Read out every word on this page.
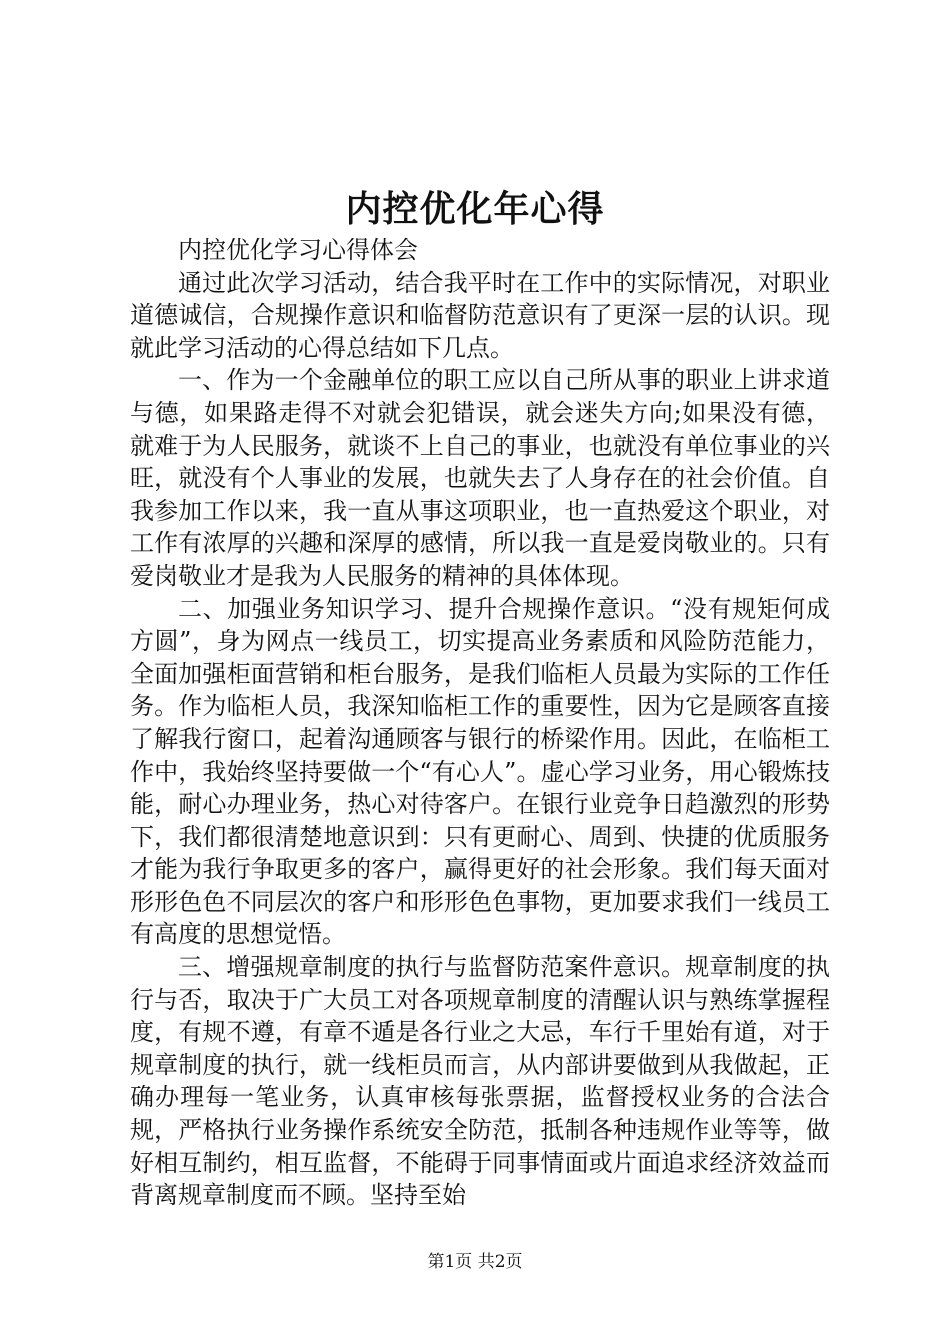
内控优化年心得

内控优化学习心得体会

通过此次学习活动，结合我平时在工作中的实际情况，对职业道德诚信，合规操作意识和临督防范意识有了更深一层的认识。现就此学习活动的心得总结如下几点。

一、作为一个金融单位的职工应以自己所从事的职业上讲求道与德，如果路走得不对就会犯错误，就会迷失方向;如果没有德，就难于为人民服务，就谈不上自己的事业，也就没有单位事业的兴旺，就没有个人事业的发展，也就失去了人身存在的社会价值。自我参加工作以来，我一直从事这项职业，也一直热爱这个职业，对工作有浓厚的兴趣和深厚的感情，所以我一直是爱岗敬业的。只有爱岗敬业才是我为人民服务的精神的具体体现。

二、加强业务知识学习、提升合规操作意识。“没有规矩何成方圆”，身为网点一线员工，切实提高业务素质和风险防范能力，全面加强柜面营销和柜台服务，是我们临柜人员最为实际的工作任务。作为临柜人员，我深知临柜工作的重要性，因为它是顾客直接了解我行窗口，起着沟通顾客与银行的桥梁作用。因此，在临柜工作中，我始终坚持要做一个“有心人”。虚心学习业务，用心锻炼技能，耐心办理业务，热心对待客户。在银行业竞争日趋激烈的形势下，我们都很清楚地意识到：只有更耐心、周到、快捷的优质服务才能为我行争取更多的客户，赢得更好的社会形象。我们每天面对形形色色不同层次的客户和形形色色事物，更加要求我们一线员工有高度的思想觉悟。

三、增强规章制度的执行与监督防范案件意识。规章制度的执行与否，取决于广大员工对各项规章制度的清醒认识与熟练掌握程度，有规不遵，有章不遁是各行业之大忌，车行千里始有道，对于规章制度的执行，就一线柜员而言，从内部讲要做到从我做起，正确办理每一笔业务，认真审核每张票据，监督授权业务的合法合规，严格执行业务操作系统安全防范，抵制各种违规作业等等，做好相互制约，相互监督，不能碍于同事情面或片面追求经济效益而背离规章制度而不顾。坚持至始

第1页 共2页
